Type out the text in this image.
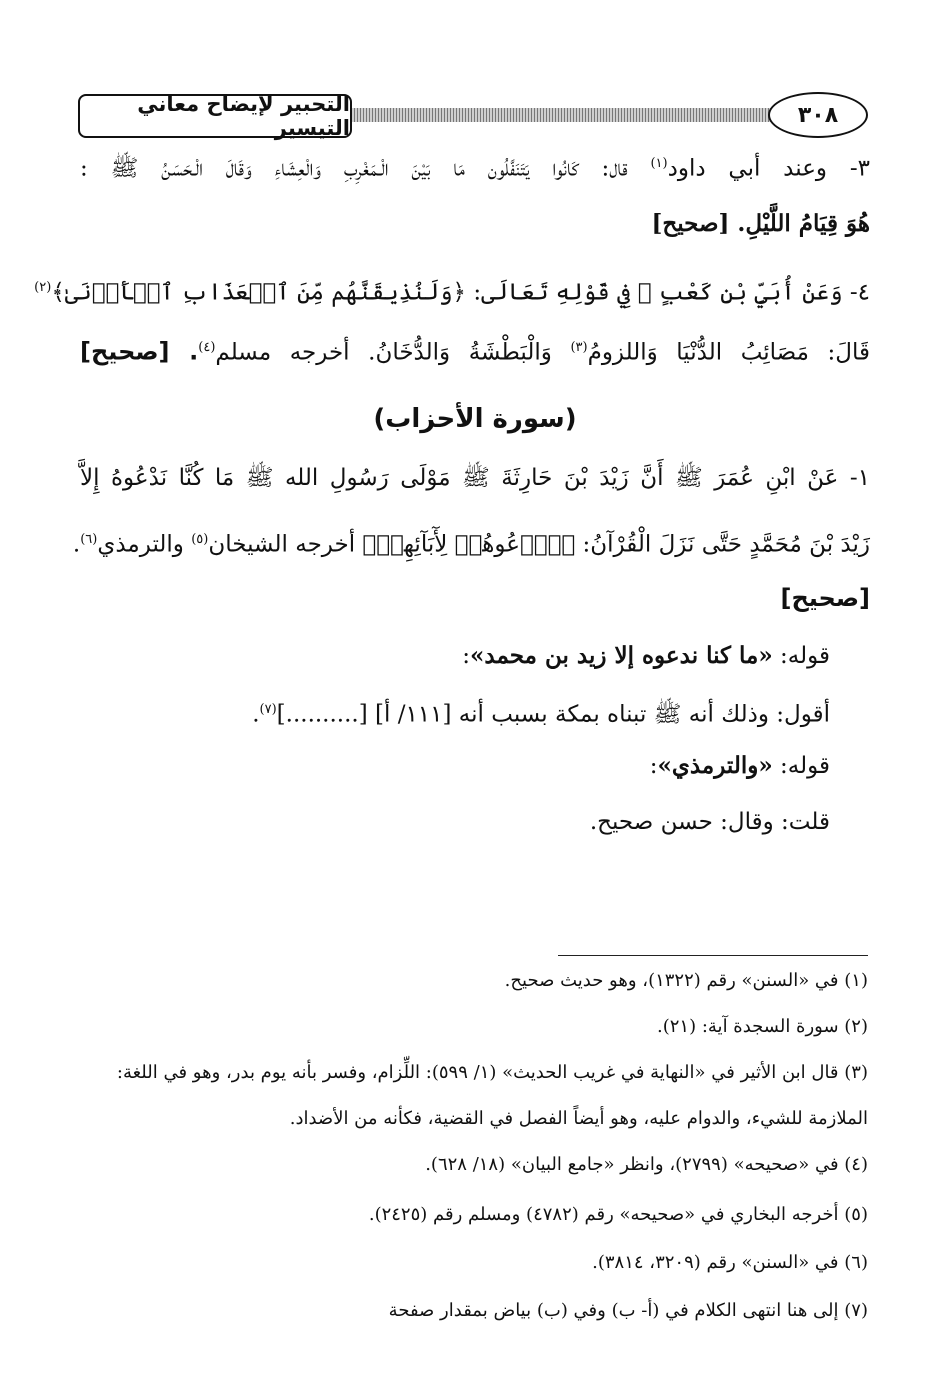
التحبير لإيضاح معاني التيسير
٣٠٨
٣- وعند أبي داود$^{(١)}$ قال: كَانُوا يَتَنَفَّلُون مَا بَيْنَ الْـمَغْرِبِ وَالْعِشَاءِ وَقَالَ الْـحَسَنُ ﷺ :
هُوَ قِيَامُ اللَّيْلِ. [صحيح]
٤- وَعَنْ أُبَيِّ بْنِ كَعْبٍ ﷺ فِي قَوْلِهِ تَعَالَى: ﴿وَلَنُذِيقَنَّهُم مِّنَ ٱلۡعَذَابِ ٱلۡأَدۡنَىٰ﴾$^{(٢)}$
قَالَ: مَصَائِبُ الدُّنْيَا وَاللزومُ$^{(٣)}$ وَالْبَطْشَةُ وَالدُّخَانُ. أخرجه مسلم$^{(٤)}$. [صحيح]
(سورة الأحزاب)
١- عَنْ ابْنِ عُمَرَ ﷺ أَنَّ زَيْدَ بْنَ حَارِثَةَ ﷺ مَوْلَى رَسُولِ الله ﷺ مَا كُنَّا نَدْعُوهُ إِلاَّ
زَيْدَ بْنَ مُحَمَّدٍ حَتَّى نَزَلَ الْقُرْآنُ: ﴿ٱدۡعُوهُمۡ لِأٓبَآئِهِمۡ﴾ أخرجه الشيخان$^{(٥)}$ والترمذي$^{(٦)}$.
[صحيح]
قوله: «ما كنا ندعوه إلا زيد بن محمد»:
أقول: وذلك أنه ﷺ تبناه بمكة بسبب أنه [١١١/ أ] [..........]$^{(٧)}$.
قوله: «والترمذي»:
قلت: وقال: حسن صحيح.
(١) في «السنن» رقم (١٣٢٢)، وهو حديث صحيح.
(٢) سورة السجدة آية: (٢١).
(٣) قال ابن الأثير في «النهاية في غريب الحديث» (١/ ٥٩٩): اللِّزام، وفسر بأنه يوم بدر، وهو في اللغة:
الملازمة للشيء، والدوام عليه، وهو أيضاً الفصل في القضية، فكأنه من الأضداد.
(٤) في «صحيحه» (٢٧٩٩)، وانظر «جامع البيان» (١٨/ ٦٢٨).
(٥) أخرجه البخاري في «صحيحه» رقم (٤٧٨٢) ومسلم رقم (٢٤٢٥).
(٦) في «السنن» رقم (٣٢٠٩، ٣٨١٤).
(٧) إلى هنا انتهى الكلام في (أ- ب) وفي (ب) بياض بمقدار صفحة
